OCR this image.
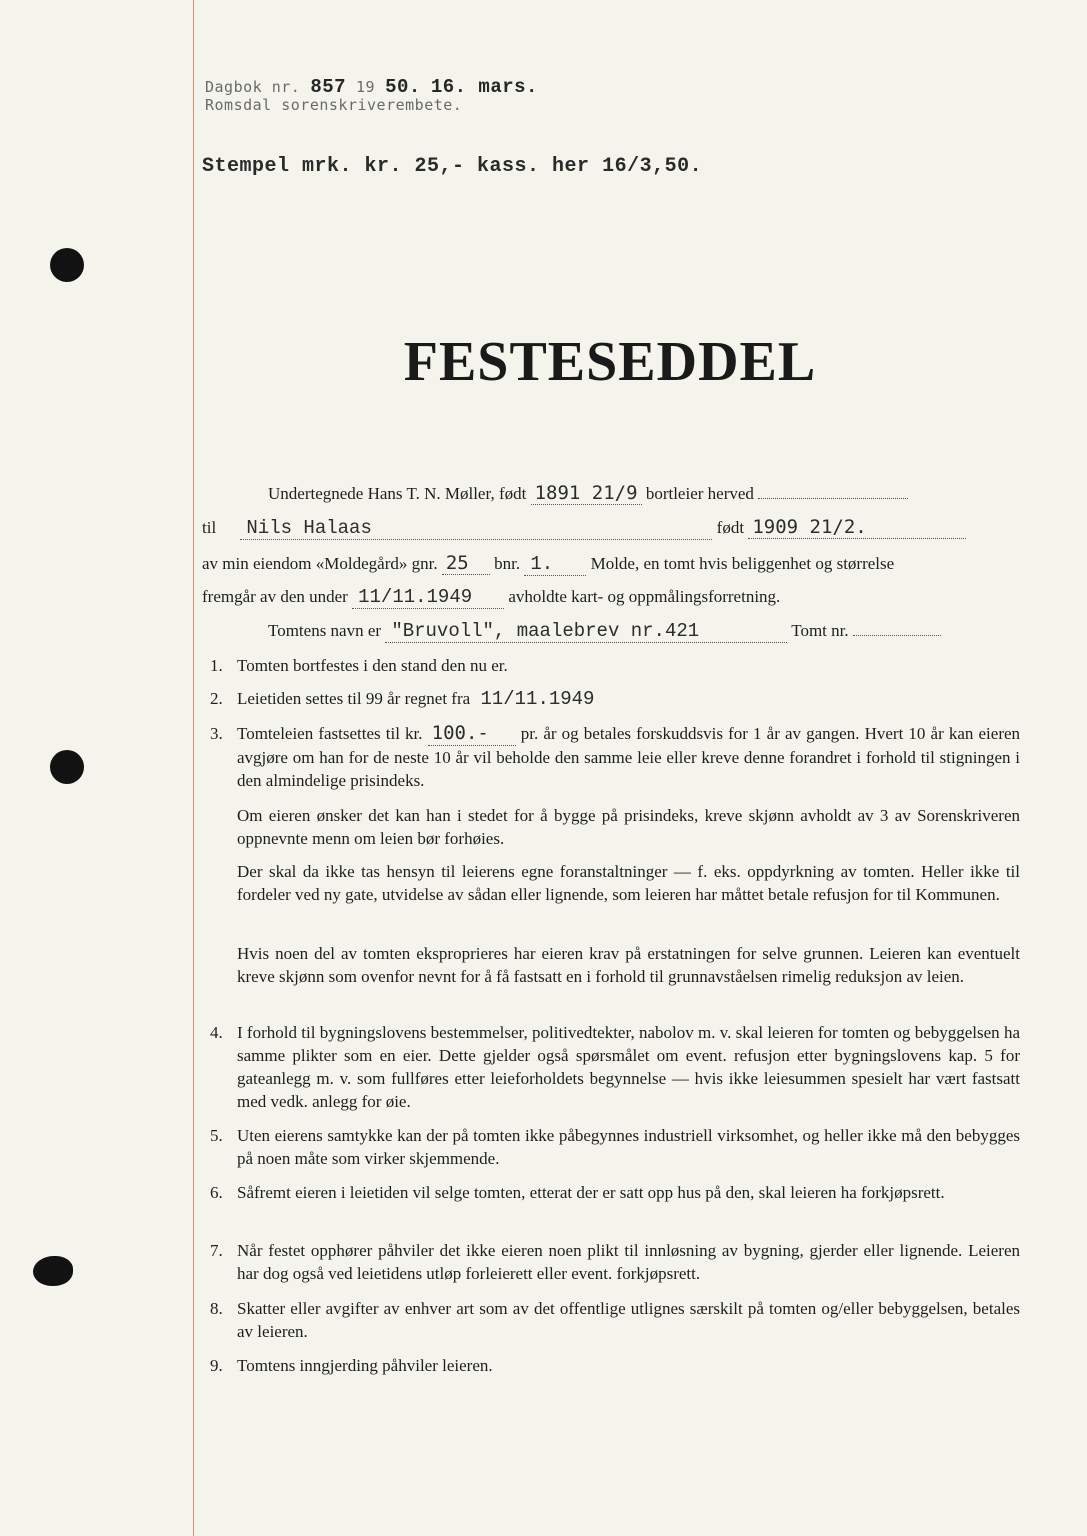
Dagbok nr. 857 19 50. 16. mars.
Romsdal sorenskriverembete.
Stempel mrk. kr. 25,- kass. her 16/3,50.
FESTESEDDEL
Undertegnede Hans T. N. Møller, født 1891 21/9 bortleier herved
til Nils Halaas	født 1909 21/2.
av min eiendom «Moldegård» gnr. 25 bnr. 1. Molde, en tomt hvis beliggenhet og størrelse
fremgår av den under 11/11.1949 avholdte kart- og oppmålingsforretning.
Tomtens navn er "Bruvoll", maalebrev nr.421	Tomt nr.
1. Tomten bortfestes i den stand den nu er.
2. Leietiden settes til 99 år regnet fra 11/11.1949
3. Tomteleien fastsettes til kr. 100.- pr. år og betales forskuddsvis for 1 år av gangen. Hvert 10 år kan eieren avgjøre om han for de neste 10 år vil beholde den samme leie eller kreve denne forandret i forhold til stigningen i den almindelige prisindeks.
Om eieren ønsker det kan han i stedet for å bygge på prisindeks, kreve skjønn avholdt av 3 av Sorenskriveren oppnevnte menn om leien bør forhøies.
Der skal da ikke tas hensyn til leierens egne foranstaltninger — f. eks. oppdyrkning av tomten. Heller ikke til fordeler ved ny gate, utvidelse av sådan eller lignende, som leieren har måttet betale refusjon for til Kommunen.
Hvis noen del av tomten eksproprieres har eieren krav på erstatningen for selve grunnen. Leieren kan eventuelt kreve skjønn som ovenfor nevnt for å få fastsatt en i forhold til grunnavståelsen rimelig reduksjon av leien.
4. I forhold til bygningslovens bestemmelser, politivedtekter, nabolov m. v. skal leieren for tomten og bebyggelsen ha samme plikter som en eier. Dette gjelder også spørsmålet om event. refusjon etter bygningslovens kap. 5 for gateanlegg m. v. som fullføres etter leieforholdets begynnelse — hvis ikke leiesummen spesielt har vært fastsatt med vedk. anlegg for øie.
5. Uten eierens samtykke kan der på tomten ikke påbegynnes industriell virksomhet, og heller ikke må den bebygges på noen måte som virker skjemmende.
6. Såfremt eieren i leietiden vil selge tomten, etterat der er satt opp hus på den, skal leieren ha forkjøpsrett.
7. Når festet opphører påhviler det ikke eieren noen plikt til innløsning av bygning, gjerder eller lignende. Leieren har dog også ved leietidens utløp forleierett eller event. forkjøpsrett.
8. Skatter eller avgifter av enhver art som av det offentlige utlignes særskilt på tomten og/eller bebyggelsen, betales av leieren.
9. Tomtens inngjerding påhviler leieren.
